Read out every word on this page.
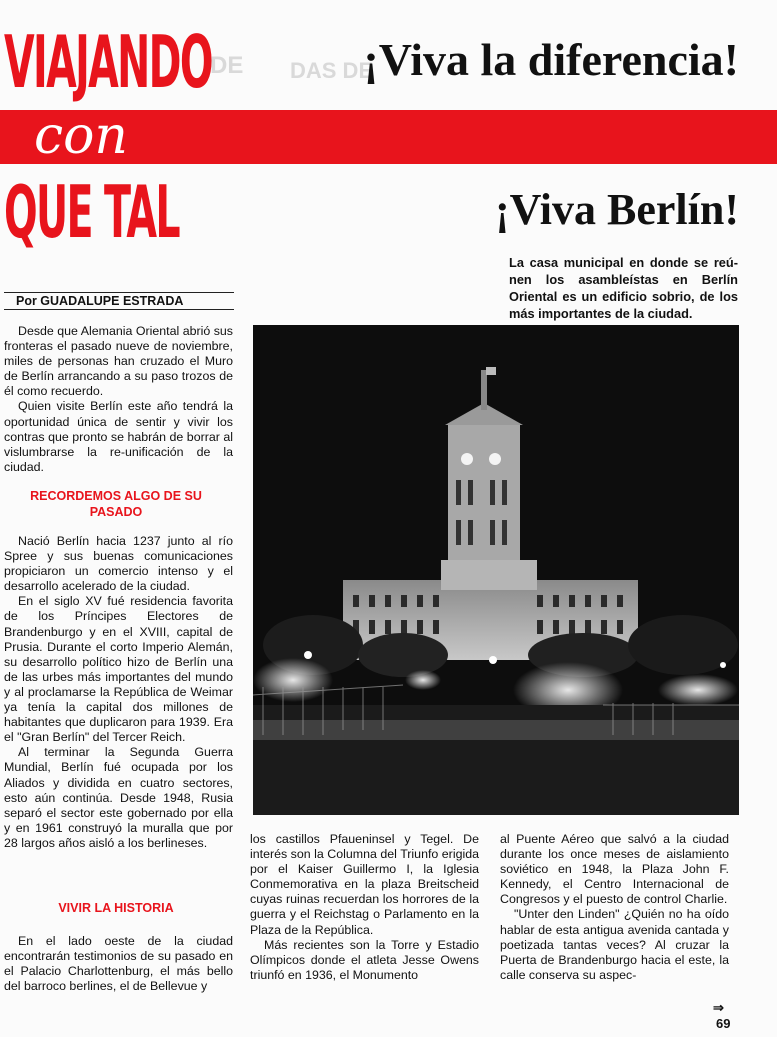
DE DAS DE
VIAJANDO
con
QUE TAL
¡Viva la diferencia!
¡Viva Berlín!
La casa municipal en donde se reú-nen los asambleístas en Berlín Oriental es un edificio sobrio, de los más importantes de la ciudad.
Por GUADALUPE ESTRADA

Desde que Alemania Oriental abrió sus fronteras el pasado nueve de noviembre, miles de personas han cruzado el Muro de Berlín arrancando a su paso trozos de él como recuerdo.

Quien visite Berlín este año tendrá la oportunidad única de sentir y vivir los contras que pronto se habrán de borrar al vislumbrarse la re-unificación de la ciudad.

RECORDEMOS ALGO DE SU PASADO

Nació Berlín hacia 1237 junto al río Spree y sus buenas comunicaciones propiciaron un comercio intenso y el desarrollo acelerado de la ciudad.

En el siglo XV fué residencia favorita de los Príncipes Electores de Brandenburgo y en el XVIII, capital de Prusia. Durante el corto Imperio Alemán, su desarrollo político hizo de Berlín una de las urbes más importantes del mundo y al proclamarse la República de Weimar ya tenía la capital dos millones de habitantes que duplicaron para 1939. Era el "Gran Berlín" del Tercer Reich.

Al terminar la Segunda Guerra Mundial, Berlín fué ocupada por los Aliados y dividida en cuatro sectores, esto aún continúa. Desde 1948, Rusia separó el sector este gobernado por ella y en 1961 construyó la muralla que por 28 largos años aisló a los berlineses.

VIVIR LA HISTORIA

En el lado oeste de la ciudad encontrarán testimonios de su pasado en el Palacio Charlottenburg, el más bello del barroco berlines, el de Bellevue y

los castillos Pfaueninsel y Tegel. De interés son la Columna del Triunfo erigida por el Kaiser Guillermo I, la Iglesia Conmemorativa en la plaza Breitscheid cuyas ruinas recuerdan los horrores de la guerra y el Reichstag o Parlamento en la Plaza de la República.

Más recientes son la Torre y Estadio Olímpicos donde el atleta Jesse Owens triunfó en 1936, el Monumento

al Puente Aéreo que salvó a la ciudad durante los once meses de aislamiento soviético en 1948, la Plaza John F. Kennedy, el Centro Internacional de Congresos y el puesto de control Charlie.

"Unter den Linden" ¿Quién no ha oído hablar de esta antigua avenida cantada y poetizada tantas veces? Al cruzar la Puerta de Brandenburgo hacia el este, la calle conserva su aspec-

⇒
69
